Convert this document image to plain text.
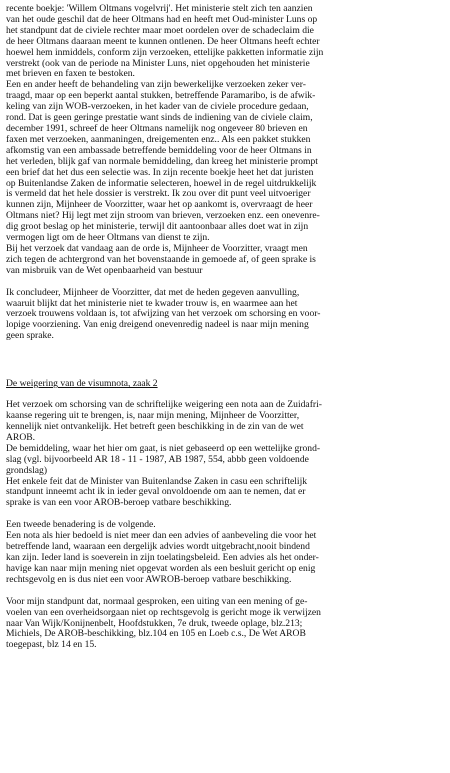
recente boekje: 'Willem Oltmans vogelvrij'. Het ministerie stelt zich ten aanzien
van het oude geschil dat de heer Oltmans had en heeft met Oud-minister Luns op
het standpunt dat de civiele rechter maar moet oordelen over de schadeclaim die
de heer Oltmans daaraan meent te kunnen ontlenen. De heer Oltmans heeft echter
hoewel hem inmiddels, conform zijn verzoeken, ettelijke pakketten informatie zijn
verstrekt (ook van de periode na Minister Luns, niet opgehouden het ministerie
met brieven en faxen te bestoken.

Een en ander heeft de behandeling van zijn bewerkelijke verzoeken zeker ver-
traagd, maar op een beperkt aantal stukken, betreffende Paramaribo, is de afwik-
keling van zijn WOB-verzoeken, in het kader van de civiele procedure gedaan,
rond. Dat is geen geringe prestatie want sinds de indiening van de civiele claim,
december 1991, schreef de heer Oltmans namelijk nog ongeveer 80 brieven en
faxen met verzoeken, aanmaningen, dreigementen enz.. Als een pakket stukken
afkomstig van een ambassade betreffende bemiddeling voor de heer Oltmans in
het verleden, blijk gaf van normale bemiddeling, dan kreeg het ministerie prompt
een brief dat het dus een selectie was. In zijn recente boekje heet het dat juristen
op Buitenlandse Zaken de informatie selecteren, hoewel in de regel uitdrukkelijk
is vermeld dat het hele dossier is verstrekt. Ik zou over dit punt veel uitvoeriger
kunnen zijn, Mijnheer de Voorzitter, waar het op aankomt is, overvraagt de heer
Oltmans niet? Hij legt met zijn stroom van brieven, verzoeken enz. een onevenre-
dig groot beslag op het ministerie, terwijl dit aantoonbaar alles doet wat in zijn
vermogen ligt om de heer Oltmans van dienst te zijn.

Bij het verzoek dat vandaag aan de orde is, Mijnheer de Voorzitter, vraagt men
zich tegen de achtergrond van het bovenstaande in gemoede af, of geen sprake is
van misbruik van de Wet openbaarheid van bestuur

Ik concludeer, Mijnheer de Voorzitter, dat met de heden gegeven aanvulling,
waaruit blijkt dat het ministerie niet te kwader trouw is, en waarmee aan het
verzoek trouwens voldaan is, tot afwijzing van het verzoek om schorsing en voor-
lopige voorziening. Van enig dreigend onevenredig nadeel is naar mijn mening
geen sprake.

De weigering van de visumnota, zaak 2

Het verzoek om schorsing van de schriftelijke weigering een nota aan de Zuidafri-
kaanse regering uit te brengen, is, naar mijn mening, Mijnheer de Voorzitter,
kennelijk niet ontvankelijk. Het betreft geen beschikking in de zin van de wet
AROB.

De bemiddeling, waar het hier om gaat, is niet gebaseerd op een wettelijke grond-
slag (vgl. bijvoorbeeld AR 18 - 11 - 1987, AB 1987, 554, abbb geen voldoende
grondslag)

Het enkele feit dat de Minister van Buitenlandse Zaken in casu een schriftelijk
standpunt inneemt acht ik in ieder geval onvoldoende om aan te nemen, dat er
sprake is van een voor AROB-beroep vatbare beschikking.

Een tweede benadering is de volgende.
Een nota als hier bedoeld is niet meer dan een advies of aanbeveling die voor het
betreffende land, waaraan een dergelijk advies wordt uitgebracht,nooit bindend
kan zijn. Ieder land is soeverein in zijn toelatingsbeleid. Een advies als het onder-
havige kan naar mijn mening niet opgevat worden als een besluit gericht op enig
rechtsgevolg en is dus niet een voor AWROB-beroep vatbare beschikking.

Voor mijn standpunt dat, normaal gesproken, een uiting van een mening of ge-
voelen van een overheidsorgaan niet op rechtsgevolg is gericht moge ik verwijzen
naar Van Wijk/Konijnenbelt, Hoofdstukken, 7e druk, tweede oplage, blz.213;
Michiels, De AROB-beschikking, blz.104 en 105 en Loeb c.s., De Wet AROB
toegepast, blz 14 en 15.
